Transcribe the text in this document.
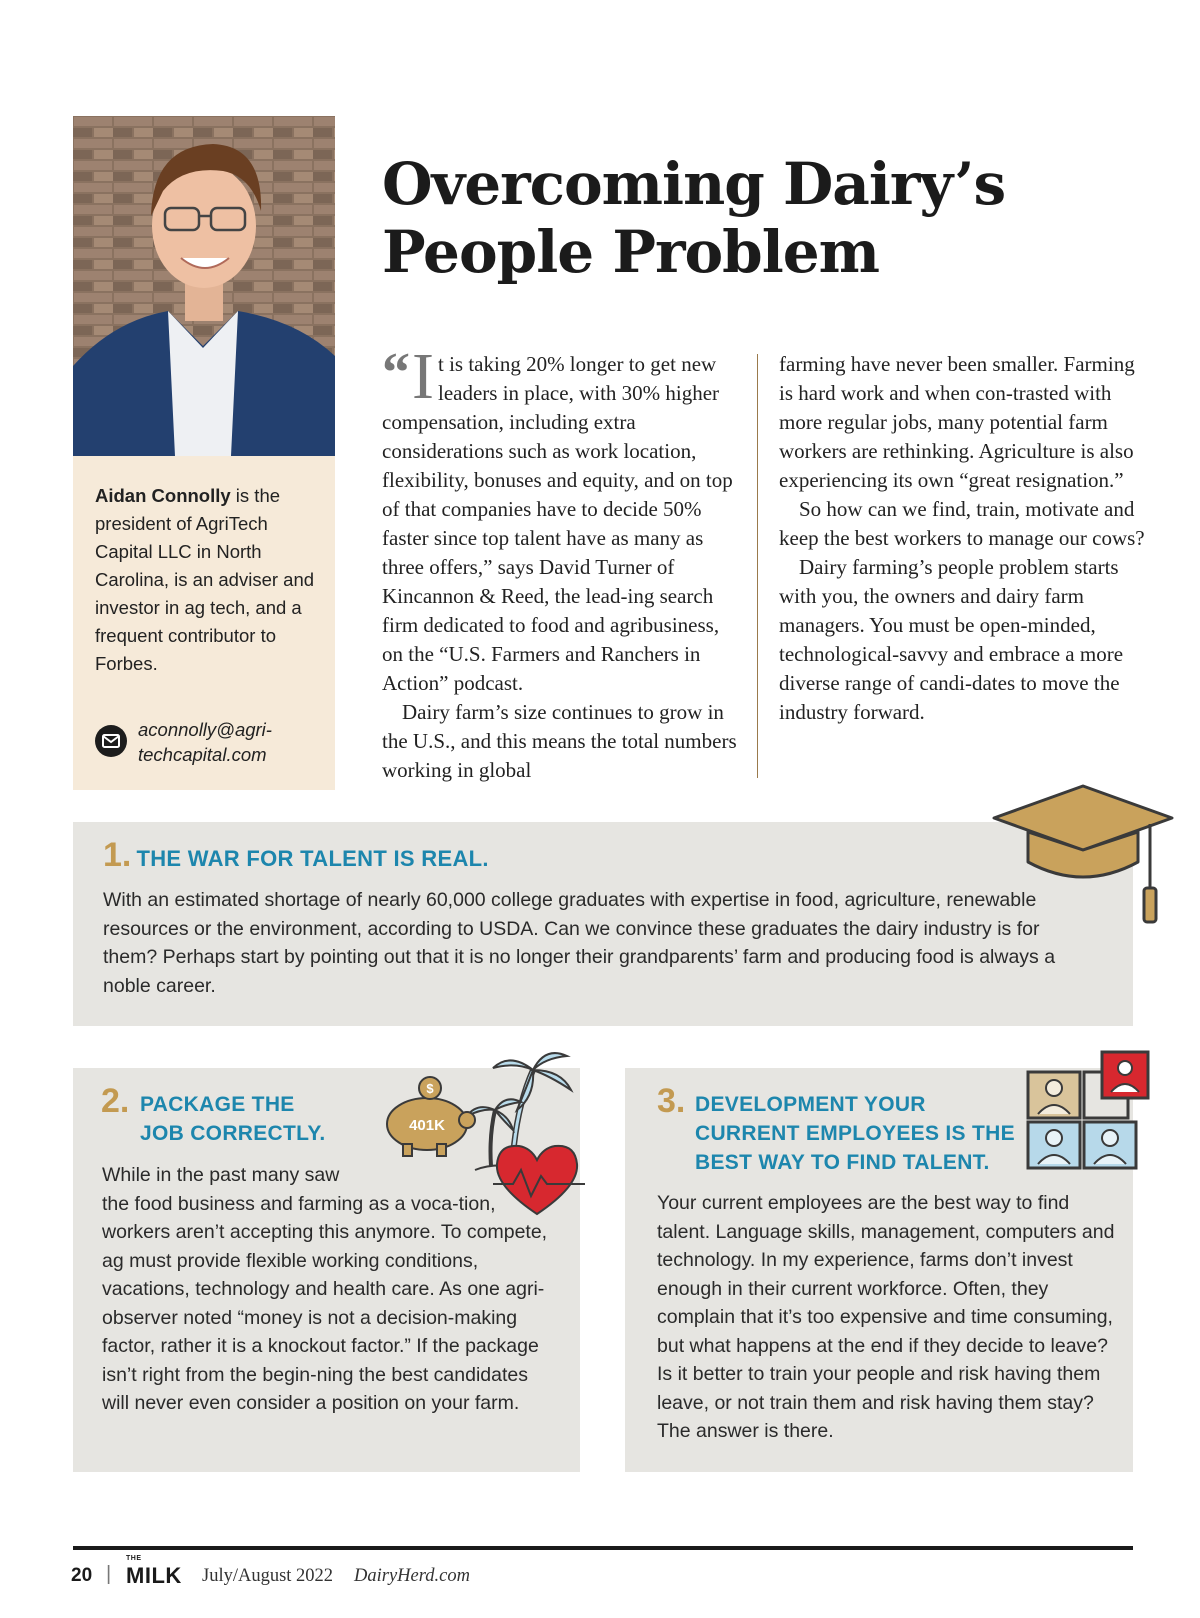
Aidan Connolly is the president of AgriTech Capital LLC in North Carolina, is an adviser and investor in ag tech, and a frequent contributor to Forbes.
aconnolly@agri-
techcapital.com
Overcoming Dairy’s
People Problem

“ I t is taking 20% longer to get new leaders in place, with 30% higher compensation, including extra considerations such as work location, flexibility, bonuses and equity, and on top of that companies have to decide 50% faster since top talent have as many as three offers,” says David Turner of Kincannon & Reed, the lead-ing search firm dedicated to food and agribusiness, on the “U.S. Farmers and Ranchers in Action” podcast.

Dairy farm’s size continues to grow in the U.S., and this means the total numbers working in global

farming have never been smaller. Farming is hard work and when con-trasted with more regular jobs, many potential farm workers are rethinking. Agriculture is also experiencing its own “great resignation.”

So how can we find, train, motivate and keep the best workers to manage our cows?

Dairy farming’s people problem starts with you, the owners and dairy farm managers. You must be open-minded, technological-savvy and embrace a more diverse range of candi-dates to move the industry forward.

1. THE WAR FOR TALENT IS REAL.
With an estimated shortage of nearly 60,000 college graduates with expertise in food, agriculture, renewable resources or the environment, according to USDA. Can we convince these graduates the dairy industry is for them? Perhaps start by pointing out that it is no longer their grandparents’ farm and producing food is always a noble career.
2. PACKAGE THE
JOB CORRECTLY.
While in the past many saw
the food business and farming as a voca-tion, workers aren’t accepting this anymore. To compete, ag must provide flexible working conditions, vacations, technology and health care. As one agri-observer noted “money is not a decision-making factor, rather it is a knockout factor.” If the package isn’t right from the begin-ning the best candidates will never even consider a position on your farm.
401K
$	3. DEVELOPMENT YOUR
CURRENT EMPLOYEES IS THE
BEST WAY TO FIND TALENT.
Your current employees are the best way to find talent. Language skills, management, computers and technology. In my experience, farms don’t invest enough in their current workforce. Often, they complain that it’s too expensive and time consuming, but what happens at the end if they decide to leave? Is it better to train your people and risk having them leave, or not train them and risk having them stay? The answer is there.
20 |
THE
MILK July/August 2022 DairyHerd.com
